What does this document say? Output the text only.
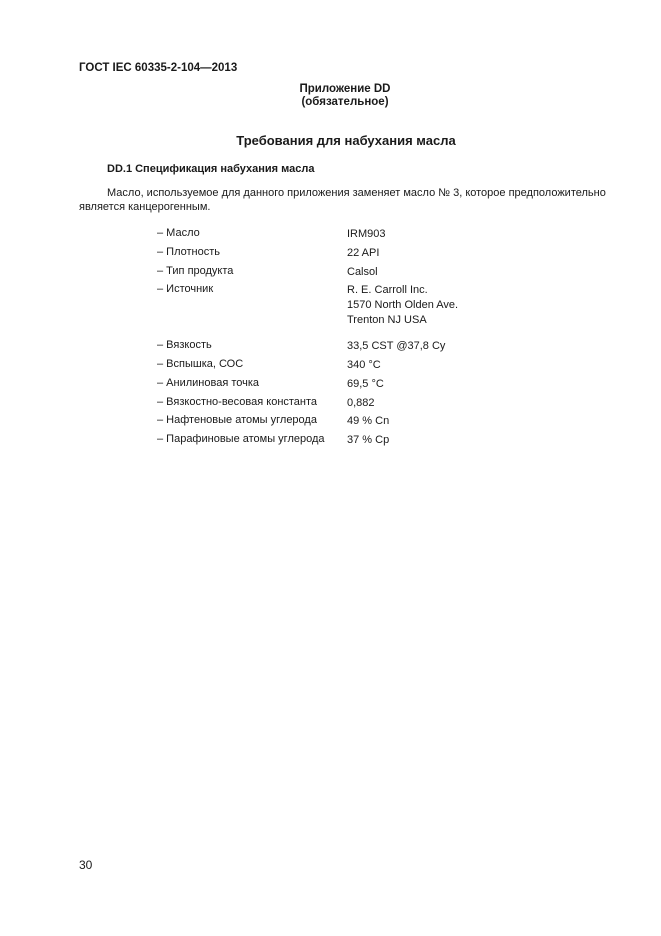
ГОСТ IEC 60335-2-104—2013
Приложение DD
(обязательное)
Требования для набухания масла
DD.1 Спецификация набухания масла
Масло, используемое для данного приложения заменяет масло № 3, которое предположительно
является канцерогенным.
– Масло	IRM903
– Плотность	22 API
– Тип продукта	Calsol
– Источник	R. E. Carroll Inc.
1570 North Olden Ave.
Trenton NJ USA
– Вязкость	33,5 CST @37,8 Cy
– Вспышка, СОС	340 °C
– Анилиновая точка	69,5 °C
– Вязкостно-весовая константа	0,882
– Нафтеновые атомы углерода	49 % Cn
– Парафиновые атомы углерода 37 % Cp
30
